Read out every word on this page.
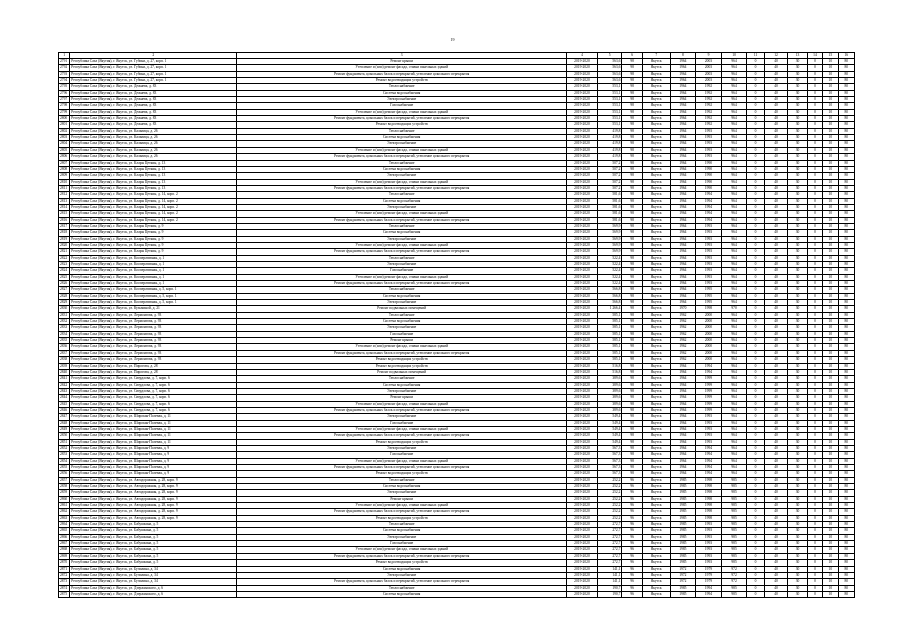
19
1	2	3	4	5	6	7	8	9	10	11	12	13	14	15	16
2791	Республика Саха (Якутия), г. Якутск, ул. Губина, д. 27, корп. 1	Ремонт крыши	2019-2020	563,6	98	Якутск	1964	2003	964	0	40	30	0	10	80
2792	Республика Саха (Якутия), г. Якутск, ул. Губина, д. 27, корп. 1	Утепление и (или) ремонт фасада, ставни панельных зданий	2019-2020	563,6	98	Якутск	1964	2003	964	0	40	30	0	10	80
2793	Республика Саха (Якутия), г. Якутск, ул. Губина, д. 27, корп. 1	Ремонт фундамента, цокольных балок и перекрытий, утепление цокольного перекрытия	2019-2020	563,6	98	Якутск	1964	2003	964	0	40	30	0	10	80
2794	Республика Саха (Якутия), г. Якутск, ул. Губина, д. 27, корп. 1	Ремонт водоотводящих устройств	2019-2020	563,6	98	Якутск	1964	2003	964	0	40	30	0	10	80
2795	Республика Саха (Якутия), г. Якутск, ул. Дежнева, д. 83	Теплоснабжение	2019-2020	553,1	98	Якутск	1964	1992	964	0	40	30	0	10	80
2796	Республика Саха (Якутия), г. Якутск, ул. Дежнева, д. 83	Система водоснабжения	2019-2020	553,1	98	Якутск	1964	1992	964	0	40	30	0	10	80
2797	Республика Саха (Якутия), г. Якутск, ул. Дежнева, д. 83	Электроснабжение	2019-2020	553,1	98	Якутск	1964	1992	964	0	40	30	0	10	80
2798	Республика Саха (Якутия), г. Якутск, ул. Дежнева, д. 83	Газоснабжение	2019-2020	553,1	98	Якутск	1964	1992	964	0	40	30	0	10	80
2799	Республика Саха (Якутия), г. Якутск, ул. Дежнева, д. 83	Утепление и (или) ремонт фасада, ставни панельных зданий	2019-2020	553,1	98	Якутск	1964	1992	964	0	40	30	0	10	80
2800	Республика Саха (Якутия), г. Якутск, ул. Дежнева, д. 83	Ремонт фундамента, цокольных балок и перекрытий, утепление цокольного перекрытия	2019-2020	553,1	98	Якутск	1964	1992	964	0	40	30	0	10	80
2801	Республика Саха (Якутия), г. Якутск, ул. Дежнева, д. 83	Ремонт водоотводящих устройств	2019-2020	553,1	98	Якутск	1964	1992	964	0	40	30	0	10	80
2802	Республика Саха (Якутия), г. Якутск, ул. Кальвица, д. 26	Теплоснабжение	2019-2020	419,8	98	Якутск	1964	1993	964	0	40	30	0	10	80
2803	Республика Саха (Якутия), г. Якутск, ул. Кальвица, д. 26	Система водоснабжения	2019-2020	419,8	98	Якутск	1964	1993	964	0	40	30	0	10	80
2804	Республика Саха (Якутия), г. Якутск, ул. Кальвица, д. 26	Электроснабжение	2019-2020	419,8	98	Якутск	1964	1993	964	0	40	30	0	10	80
2805	Республика Саха (Якутия), г. Якутск, ул. Кальвица, д. 26	Утепление и (или) ремонт фасада, ставни панельных зданий	2019-2020	419,8	98	Якутск	1964	1993	964	0	40	30	0	10	80
2806	Республика Саха (Якутия), г. Якутск, ул. Кальвица, д. 26	Ремонт фундамента, цокольных балок и перекрытий, утепление цокольного перекрытия	2019-2020	419,8	98	Якутск	1964	1993	964	0	40	30	0	10	80
2807	Республика Саха (Якутия), г. Якутск, ул. Клары Цеткин, д. 13	Теплоснабжение	2019-2020	507,2	98	Якутск	1964	1990	964	0	40	30	0	10	80
2808	Республика Саха (Якутия), г. Якутск, ул. Клары Цеткин, д. 13	Система водоснабжения	2019-2020	507,2	98	Якутск	1964	1990	964	0	40	30	0	10	80
2809	Республика Саха (Якутия), г. Якутск, ул. Клары Цеткин, д. 13	Электроснабжение	2019-2020	507,2	98	Якутск	1964	1990	964	0	40	30	0	10	80
2810	Республика Саха (Якутия), г. Якутск, ул. Клары Цеткин, д. 13	Утепление и (или) ремонт фасада, ставни панельных зданий	2019-2020	507,2	98	Якутск	1964	1990	964	0	40	30	0	10	80
2811	Республика Саха (Якутия), г. Якутск, ул. Клары Цеткин, д. 13	Ремонт фундамента, цокольных балок и перекрытий, утепление цокольного перекрытия	2019-2020	507,2	98	Якутск	1964	1990	964	0	40	30	0	10	80
2812	Республика Саха (Якутия), г. Якутск, ул. Клары Цеткин, д. 14, корп. 2	Теплоснабжение	2019-2020	581,6	98	Якутск	1964	1994	964	0	40	30	0	10	80
2813	Республика Саха (Якутия), г. Якутск, ул. Клары Цеткин, д. 14, корп. 2	Система водоснабжения	2019-2020	581,6	98	Якутск	1964	1994	964	0	40	30	0	10	80
2814	Республика Саха (Якутия), г. Якутск, ул. Клары Цеткин, д. 14, корп. 2	Электроснабжение	2019-2020	581,6	98	Якутск	1964	1994	964	0	40	30	0	10	80
2815	Республика Саха (Якутия), г. Якутск, ул. Клары Цеткин, д. 14, корп. 2	Утепление и (или) ремонт фасада, ставни панельных зданий	2019-2020	581,6	98	Якутск	1964	1994	964	0	40	30	0	10	80
2816	Республика Саха (Якутия), г. Якутск, ул. Клары Цеткин, д. 14, корп. 2	Ремонт фундамента, цокольных балок и перекрытий, утепление цокольного перекрытия	2019-2020	581,6	98	Якутск	1964	1994	964	0	40	30	0	10	80
2817	Республика Саха (Якутия), г. Якутск, ул. Клары Цеткин, д. 9	Теплоснабжение	2019-2020	569,9	98	Якутск	1964	1993	964	0	40	30	0	10	80
2818	Республика Саха (Якутия), г. Якутск, ул. Клары Цеткин, д. 9	Система водоснабжения	2019-2020	569,9	98	Якутск	1964	1993	964	0	40	30	0	10	80
2819	Республика Саха (Якутия), г. Якутск, ул. Клары Цеткин, д. 9	Электроснабжение	2019-2020	569,9	98	Якутск	1964	1993	964	0	40	30	0	10	80
2820	Республика Саха (Якутия), г. Якутск, ул. Клары Цеткин, д. 9	Утепление и (или) ремонт фасада, ставни панельных зданий	2019-2020	569,9	98	Якутск	1964	1993	964	0	40	30	0	10	80
2821	Республика Саха (Якутия), г. Якутск, ул. Клары Цеткин, д. 9	Ремонт фундамента, цокольных балок и перекрытий, утепление цокольного перекрытия	2019-2020	569,9	98	Якутск	1964	1993	964	0	40	30	0	10	80
2822	Республика Саха (Якутия), г. Якутск, ул. Кооперативная, д. 1	Теплоснабжение	2019-2020	522,4	98	Якутск	1964	1993	964	0	40	30	0	10	80
2823	Республика Саха (Якутия), г. Якутск, ул. Кооперативная, д. 1	Электроснабжение	2019-2020	522,4	98	Якутск	1964	1993	964	0	40	30	0	10	80
2824	Республика Саха (Якутия), г. Якутск, ул. Кооперативная, д. 1	Газоснабжение	2019-2020	522,4	98	Якутск	1964	1993	964	0	40	30	0	10	80
2825	Республика Саха (Якутия), г. Якутск, ул. Кооперативная, д. 1	Утепление и (или) ремонт фасада, ставни панельных зданий	2019-2020	522,4	98	Якутск	1964	1993	964	0	40	30	0	10	80
2826	Республика Саха (Якутия), г. Якутск, ул. Кооперативная, д. 1	Ремонт фундамента, цокольных балок и перекрытий, утепление цокольного перекрытия	2019-2020	522,4	98	Якутск	1964	1993	964	0	40	30	0	10	80
2827	Республика Саха (Якутия), г. Якутск, ул. Кооперативная, д. 5, корп. 1	Теплоснабжение	2019-2020	566,8	98	Якутск	1964	1995	964	0	40	30	0	10	80
2828	Республика Саха (Якутия), г. Якутск, ул. Кооперативная, д. 5, корп. 1	Система водоснабжения	2019-2020	566,8	98	Якутск	1964	1995	964	0	40	30	0	10	80
2829	Республика Саха (Якутия), г. Якутск, ул. Кооперативная, д. 5, корп. 1	Электроснабжение	2019-2020	566,8	98	Якутск	1964	1995	964	0	40	30	0	10	80
2830	Республика Саха (Якутия), г. Якутск, ул. Кузьминой, д. 21	Ремонт подвальных помещений	2019-2020	1 266,4	98	Якутск	1970	1998	970	0	40	30	0	10	80
2831	Республика Саха (Якутия), г. Якутск, ул. Лермонтова, д. 93	Теплоснабжение	2019-2020	585,1	98	Якутск	1962	2000	964	0	40	30	0	10	80
2832	Республика Саха (Якутия), г. Якутск, ул. Лермонтова, д. 93	Система водоснабжения	2019-2020	585,1	98	Якутск	1962	2000	964	0	40	30	0	10	80
2833	Республика Саха (Якутия), г. Якутск, ул. Лермонтова, д. 93	Электроснабжение	2019-2020	585,1	98	Якутск	1962	2000	964	0	40	30	0	10	80
2834	Республика Саха (Якутия), г. Якутск, ул. Лермонтова, д. 93	Газоснабжение	2019-2020	585,1	98	Якутск	1962	2000	964	0	40	30	0	10	80
2835	Республика Саха (Якутия), г. Якутск, ул. Лермонтова, д. 93	Ремонт крыши	2019-2020	585,1	98	Якутск	1962	2000	964	0	40	30	0	10	80
2836	Республика Саха (Якутия), г. Якутск, ул. Лермонтова, д. 93	Утепление и (или) ремонт фасада, ставни панельных зданий	2019-2020	585,1	98	Якутск	1962	2000	964	0	40	30	0	10	80
2837	Республика Саха (Якутия), г. Якутск, ул. Лермонтова, д. 93	Ремонт фундамента, цокольных балок и перекрытий, утепление цокольного перекрытия	2019-2020	585,1	98	Якутск	1962	2000	964	0	40	30	0	10	80
2838	Республика Саха (Якутия), г. Якутск, ул. Лермонтова, д. 93	Ремонт водоотводящих устройств	2019-2020	585,1	98	Якутск	1962	2000	964	0	40	30	0	10	80
2839	Республика Саха (Якутия), г. Якутск, ул. Пирогова, д. 28	Ремонт водоотводящих устройств	2019-2020	516,8	98	Якутск	1964	1994	964	0	40	30	0	10	80
2840	Республика Саха (Якутия), г. Якутск, ул. Пирогова, д. 28	Ремонт подвальных помещений	2019-2020	516,8	98	Якутск	1964	1994	964	0	40	30	0	10	80
2841	Республика Саха (Якутия), г. Якутск, ул. Свердлова, д. 7, корп. 6	Теплоснабжение	2019-2020	389,6	98	Якутск	1964	1999	964	0	40	30	0	10	80
2842	Республика Саха (Якутия), г. Якутск, ул. Свердлова, д. 7, корп. 6	Система водоснабжения	2019-2020	389,6	98	Якутск	1964	1999	964	0	40	30	0	10	80
2843	Республика Саха (Якутия), г. Якутск, ул. Свердлова, д. 7, корп. 6	Электроснабжение	2019-2020	389,6	98	Якутск	1964	1999	964	0	40	30	0	10	80
2844	Республика Саха (Якутия), г. Якутск, ул. Свердлова, д. 7, корп. 6	Ремонт крыши	2019-2020	389,6	98	Якутск	1964	1999	964	0	40	30	0	10	80
2845	Республика Саха (Якутия), г. Якутск, ул. Свердлова, д. 7, корп. 6	Утепление и (или) ремонт фасада, ставни панельных зданий	2019-2020	389,6	98	Якутск	1964	1999	964	0	40	30	0	10	80
2846	Республика Саха (Якутия), г. Якутск, ул. Свердлова, д. 7, корп. 6	Ремонт фундамента, цокольных балок и перекрытий, утепление цокольного перекрытия	2019-2020	389,6	98	Якутск	1964	1999	964	0	40	30	0	10	80
2847	Республика Саха (Якутия), г. Якутск, ул. Широкая-Полевая, д. 11	Электроснабжение	2019-2020	549,4	98	Якутск	1964	1993	964	0	40	30	0	10	80
2848	Республика Саха (Якутия), г. Якутск, ул. Широкая-Полевая, д. 11	Газоснабжение	2019-2020	549,4	98	Якутск	1964	1993	964	0	40	30	0	10	80
2849	Республика Саха (Якутия), г. Якутск, ул. Широкая-Полевая, д. 11	Утепление и (или) ремонт фасада, ставни панельных зданий	2019-2020	549,4	98	Якутск	1964	1993	964	0	40	30	0	10	80
2850	Республика Саха (Якутия), г. Якутск, ул. Широкая-Полевая, д. 11	Ремонт фундамента, цокольных балок и перекрытий, утепление цокольного перекрытия	2019-2020	549,4	98	Якутск	1964	1993	964	0	40	30	0	10	80
2851	Республика Саха (Якутия), г. Якутск, ул. Широкая-Полевая, д. 11	Ремонт водоотводящих устройств	2019-2020	549,4	98	Якутск	1964	1993	964	0	40	30	0	10	80
2852	Республика Саха (Якутия), г. Якутск, ул. Широкая-Полевая, д. 9	Электроснабжение	2019-2020	567,3	98	Якутск	1964	1994	964	0	40	30	0	10	80
2853	Республика Саха (Якутия), г. Якутск, ул. Широкая-Полевая, д. 9	Газоснабжение	2019-2020	567,3	98	Якутск	1964	1994	964	0	40	30	0	10	80
2854	Республика Саха (Якутия), г. Якутск, ул. Широкая-Полевая, д. 9	Утепление и (или) ремонт фасада, ставни панельных зданий	2019-2020	567,3	98	Якутск	1964	1994	964	0	40	30	0	10	80
2855	Республика Саха (Якутия), г. Якутск, ул. Широкая-Полевая, д. 9	Ремонт фундамента, цокольных балок и перекрытий, утепление цокольного перекрытия	2019-2020	567,3	98	Якутск	1964	1994	964	0	40	30	0	10	80
2856	Республика Саха (Якутия), г. Якутск, ул. Широкая-Полевая, д. 9	Ремонт водоотводящих устройств	2019-2020	567,3	98	Якутск	1964	1994	964	0	40	30	0	10	80
2857	Республика Саха (Якутия), г. Якутск, ул. Автодорожная, д. 28, корп. 9	Теплоснабжение	2019-2020	252,2	96	Якутск	1985	1998	985	0	40	30	0	10	80
2858	Республика Саха (Якутия), г. Якутск, ул. Автодорожная, д. 28, корп. 9	Система водоснабжения	2019-2020	252,2	96	Якутск	1985	1998	985	0	40	30	0	10	80
2859	Республика Саха (Якутия), г. Якутск, ул. Автодорожная, д. 28, корп. 9	Электроснабжение	2019-2020	252,2	96	Якутск	1985	1998	985	0	40	30	0	10	80
2860	Республика Саха (Якутия), г. Якутск, ул. Автодорожная, д. 28, корп. 9	Ремонт крыши	2019-2020	252,2	96	Якутск	1985	1998	985	0	40	30	0	10	80
2861	Республика Саха (Якутия), г. Якутск, ул. Автодорожная, д. 28, корп. 9	Утепление и (или) ремонт фасада, ставни панельных зданий	2019-2020	252,2	96	Якутск	1985	1998	985	0	40	30	0	10	80
2862	Республика Саха (Якутия), г. Якутск, ул. Автодорожная, д. 28, корп. 9	Ремонт фундамента, цокольных балок и перекрытий, утепление цокольного перекрытия	2019-2020	252,2	96	Якутск	1985	1998	985	0	40	30	0	10	80
2863	Республика Саха (Якутия), г. Якутск, ул. Автодорожная, д. 28, корп. 9	Ремонт водоотводящих устройств	2019-2020	252,2	96	Якутск	1985	1998	985	0	40	30	0	10	80
2864	Республика Саха (Якутия), г. Якутск, ул. Бабушкина, д. 5	Теплоснабжение	2019-2020	272,7	96	Якутск	1985	1993	985	0	40	30	0	10	80
2865	Республика Саха (Якутия), г. Якутск, ул. Бабушкина, д. 5	Система водоснабжения	2019-2020	272,7	96	Якутск	1985	1993	985	0	40	30	0	10	80
2866	Республика Саха (Якутия), г. Якутск, ул. Бабушкина, д. 5	Электроснабжение	2019-2020	272,7	96	Якутск	1985	1993	985	0	40	30	0	10	80
2867	Республика Саха (Якутия), г. Якутск, ул. Бабушкина, д. 5	Газоснабжение	2019-2020	272,7	96	Якутск	1985	1993	985	0	40	30	0	10	80
2868	Республика Саха (Якутия), г. Якутск, ул. Бабушкина, д. 5	Утепление и (или) ремонт фасада, ставни панельных зданий	2019-2020	272,7	96	Якутск	1985	1993	985	0	40	30	0	10	80
2869	Республика Саха (Якутия), г. Якутск, ул. Бабушкина, д. 5	Ремонт фундамента, цокольных балок и перекрытий, утепление цокольного перекрытия	2019-2020	272,7	96	Якутск	1985	1993	985	0	40	30	0	10	80
2870	Республика Саха (Якутия), г. Якутск, ул. Бабушкина, д. 5	Ремонт водоотводящих устройств	2019-2020	272,7	96	Якутск	1985	1993	985	0	40	30	0	10	80
2871	Республика Саха (Якутия), г. Якутск, ул. Бучилина, д. 34	Система водоснабжения	2019-2020	141,1	96	Якутск	1972	1979	972	0	40	30	0	10	80
2872	Республика Саха (Якутия), г. Якутск, ул. Бучилина, д. 34	Электроснабжение	2019-2020	141,1	96	Якутск	1972	1979	972	0	40	30	0	10	80
2873	Республика Саха (Якутия), г. Якутск, ул. Бучилина, д. 34	Ремонт фундамента, цокольных балок и перекрытий, утепление цокольного перекрытия	2019-2020	141,1	96	Якутск	1972	1979	972	0	40	30	0	10	80
2874	Республика Саха (Якутия), г. Якутск, ул. Дзержинского, д. 6	Теплоснабжение	2019-2020	190,7	96	Якутск	1985	1994	985	0	40	30	0	10	80
2875	Республика Саха (Якутия), г. Якутск, ул. Дзержинского, д. 6	Система водоснабжения	2019-2020	190,7	96	Якутск	1985	1994	985	0	40	30	0	10	80
